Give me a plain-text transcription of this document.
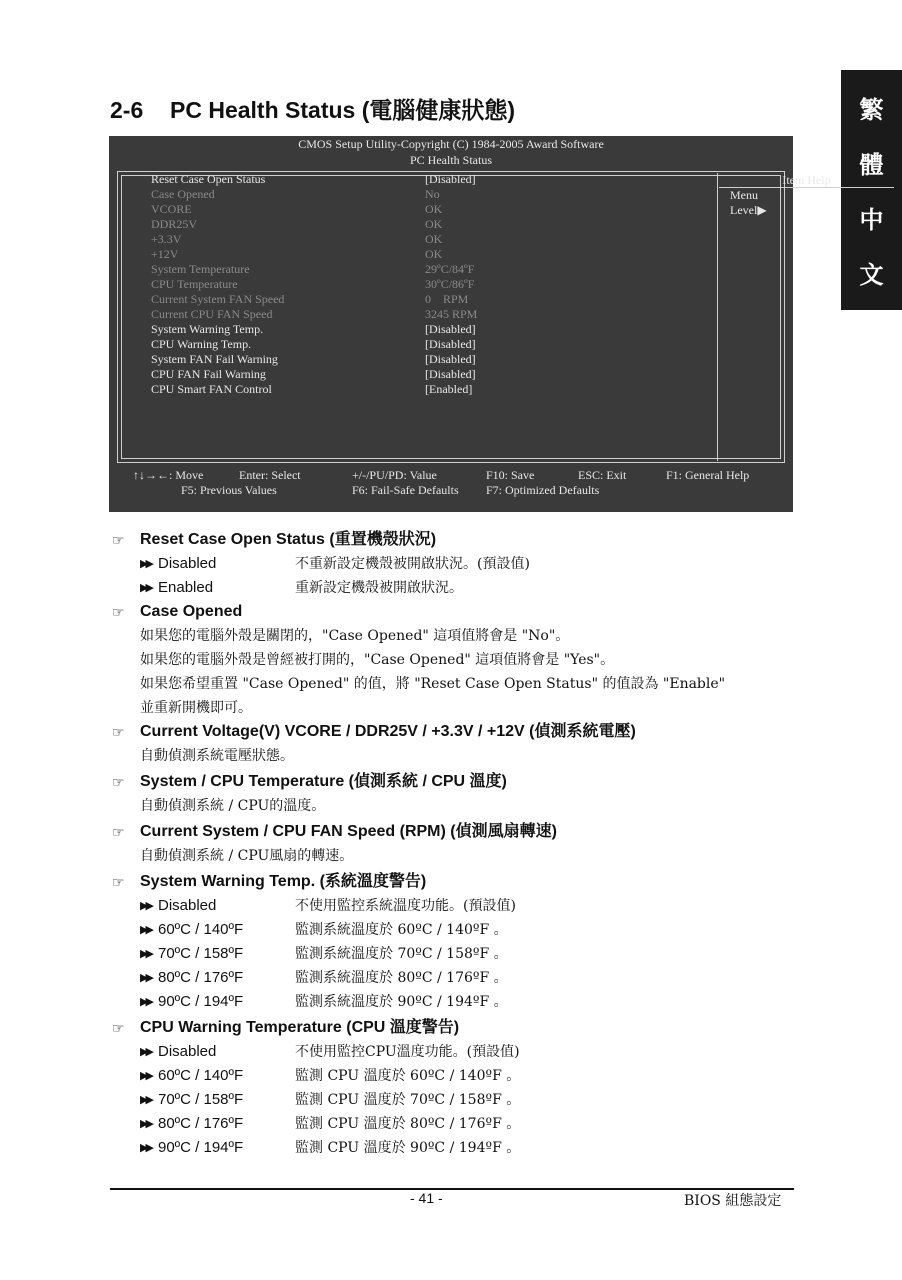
繁
體
中
文
2-6 PC Health Status (電腦健康狀態)
CMOS Setup Utility-Copyright (C) 1984-2005 Award Software
PC Health Status
Item Help
Menu Level▶
Reset Case Open Status	[Disabled]
Case Opened	No
VCORE	OK
DDR25V	OK
+3.3V	OK
+12V	OK
System Temperature	29ºC/84ºF
CPU Temperature	30ºC/86ºF
Current System FAN Speed	0    RPM
Current CPU FAN Speed	3245 RPM
System Warning Temp.	[Disabled]
CPU Warning Temp.	[Disabled]
System FAN Fail Warning	[Disabled]
CPU FAN Fail Warning	[Disabled]
CPU Smart FAN Control	[Enabled]
↑↓→←: Move	Enter: Select	+/-/PU/PD: Value	F10: Save	ESC: Exit	F1: General Help
F5: Previous Values	F6: Fail-Safe Defaults F7: Optimized Defaults
☞ Reset Case Open Status (重置機殼狀況)
▶▶ Disabled	不重新設定機殼被開啟狀況。(預設值)
▶▶ Enabled	重新設定機殼被開啟狀況。
☞ Case Opened
如果您的電腦外殼是關閉的，"Case Opened" 這項值將會是 "No"。
如果您的電腦外殼是曾經被打開的，"Case Opened" 這項值將會是 "Yes"。
如果您希望重置 "Case Opened" 的值，將 "Reset Case Open Status" 的值設為 "Enable"
並重新開機即可。
☞ Current Voltage(V) VCORE / DDR25V / +3.3V / +12V (偵測系統電壓)
自動偵測系統電壓狀態。
☞ System / CPU Temperature (偵測系統 / CPU 溫度)
自動偵測系統 / CPU的溫度。
☞ Current System / CPU FAN Speed (RPM) (偵測風扇轉速)
自動偵測系統 / CPU風扇的轉速。
☞ System Warning Temp. (系統溫度警告)
▶▶ Disabled	不使用監控系統溫度功能。(預設值)
▶▶ 60ºC / 140ºF	監測系統溫度於 60ºC / 140ºF 。
▶▶ 70ºC / 158ºF	監測系統溫度於 70ºC / 158ºF 。
▶▶ 80ºC / 176ºF	監測系統溫度於 80ºC / 176ºF 。
▶▶ 90ºC / 194ºF	監測系統溫度於 90ºC / 194ºF 。
☞ CPU Warning Temperature (CPU 溫度警告)
▶▶ Disabled	不使用監控CPU溫度功能。(預設值)
▶▶ 60ºC / 140ºF	監測 CPU 溫度於 60ºC / 140ºF 。
▶▶ 70ºC / 158ºF	監測 CPU 溫度於 70ºC / 158ºF 。
▶▶ 80ºC / 176ºF	監測 CPU 溫度於 80ºC / 176ºF 。
▶▶ 90ºC / 194ºF	監測 CPU 溫度於 90ºC / 194ºF 。
- 41 -	BIOS 組態設定
